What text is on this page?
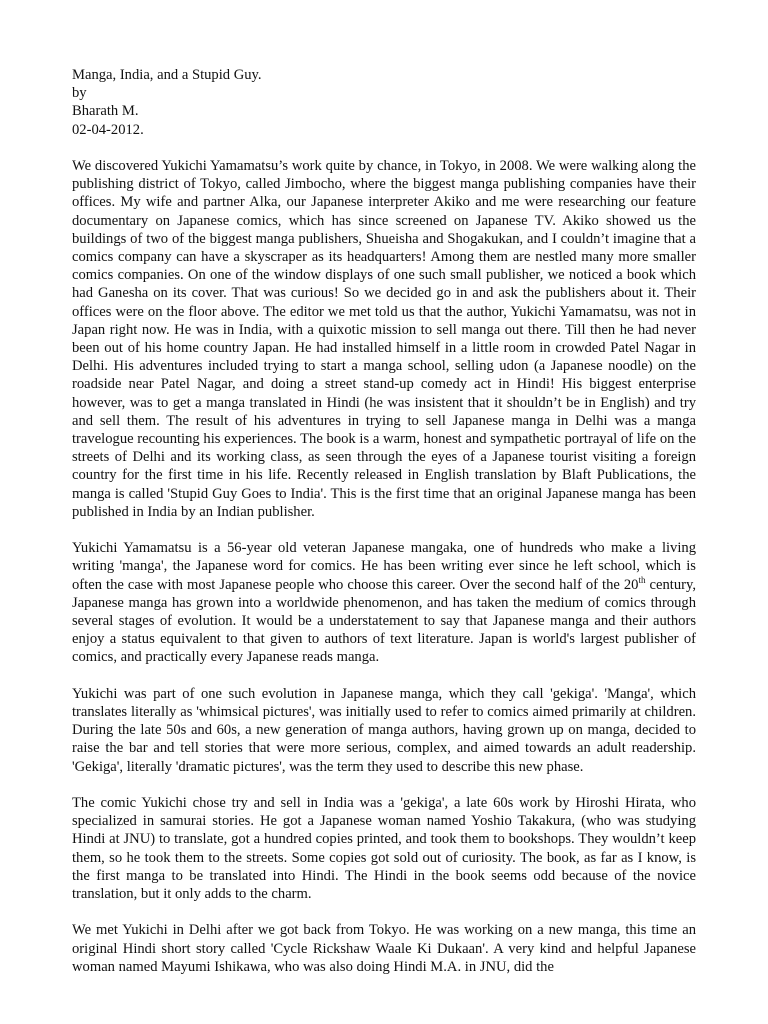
Manga, India, and a Stupid Guy.
by
Bharath M.
02-04-2012.

We discovered Yukichi Yamamatsu’s work quite by chance, in Tokyo, in 2008. We were walking along the publishing district of Tokyo, called Jimbocho, where the biggest manga publishing companies have their offices. My wife and partner Alka, our Japanese interpreter Akiko and me were researching our feature documentary on Japanese comics, which has since screened on Japanese TV. Akiko showed us the buildings of two of the biggest manga publishers, Shueisha and Shogakukan, and I couldn’t imagine that a comics company can have a skyscraper as its headquarters! Among them are nestled many more smaller comics companies. On one of the window displays of one such small publisher, we noticed a book which had Ganesha on its cover. That was curious! So we decided go in and ask the publishers about it. Their offices were on the floor above. The editor we met told us that the author, Yukichi Yamamatsu, was not in Japan right now. He was in India, with a quixotic mission to sell manga out there. Till then he had never been out of his home country Japan. He had installed himself in a little room in crowded Patel Nagar in Delhi. His adventures included trying to start a manga school, selling udon (a Japanese noodle) on the roadside near Patel Nagar, and doing a street stand-up comedy act in Hindi! His biggest enterprise however, was to get a manga translated in Hindi (he was insistent that it shouldn’t be in English) and try and sell them. The result of his adventures in trying to sell Japanese manga in Delhi was a manga travelogue recounting his experiences. The book is a warm, honest and sympathetic portrayal of life on the streets of Delhi and its working class, as seen through the eyes of a Japanese tourist visiting a foreign country for the first time in his life. Recently released in English translation by Blaft Publications, the manga is called 'Stupid Guy Goes to India'. This is the first time that an original Japanese manga has been published in India by an Indian publisher.

Yukichi Yamamatsu is a 56-year old veteran Japanese mangaka, one of hundreds who make a living writing 'manga', the Japanese word for comics. He has been writing ever since he left school, which is often the case with most Japanese people who choose this career. Over the second half of the 20th century, Japanese manga has grown into a worldwide phenomenon, and has taken the medium of comics through several stages of evolution. It would be a understatement to say that Japanese manga and their authors enjoy a status equivalent to that given to authors of text literature. Japan is world's largest publisher of comics, and practically every Japanese reads manga.

Yukichi was part of one such evolution in Japanese manga, which they call 'gekiga'. 'Manga', which translates literally as 'whimsical pictures', was initially used to refer to comics aimed primarily at children. During the late 50s and 60s, a new generation of manga authors, having grown up on manga, decided to raise the bar and tell stories that were more serious, complex, and aimed towards an adult readership. 'Gekiga', literally 'dramatic pictures', was the term they used to describe this new phase.

The comic Yukichi chose try and sell in India was a 'gekiga', a late 60s work by Hiroshi Hirata, who specialized in samurai stories. He got a Japanese woman named Yoshio Takakura, (who was studying Hindi at JNU) to translate, got a hundred copies printed, and took them to bookshops. They wouldn’t keep them, so he took them to the streets. Some copies got sold out of curiosity. The book, as far as I know, is the first manga to be translated into Hindi. The Hindi in the book seems odd because of the novice translation, but it only adds to the charm.

We met Yukichi in Delhi after we got back from Tokyo. He was working on a new manga, this time an original Hindi short story called 'Cycle Rickshaw Waale Ki Dukaan'. A very kind and helpful Japanese woman named Mayumi Ishikawa, who was also doing Hindi M.A. in JNU, did the
